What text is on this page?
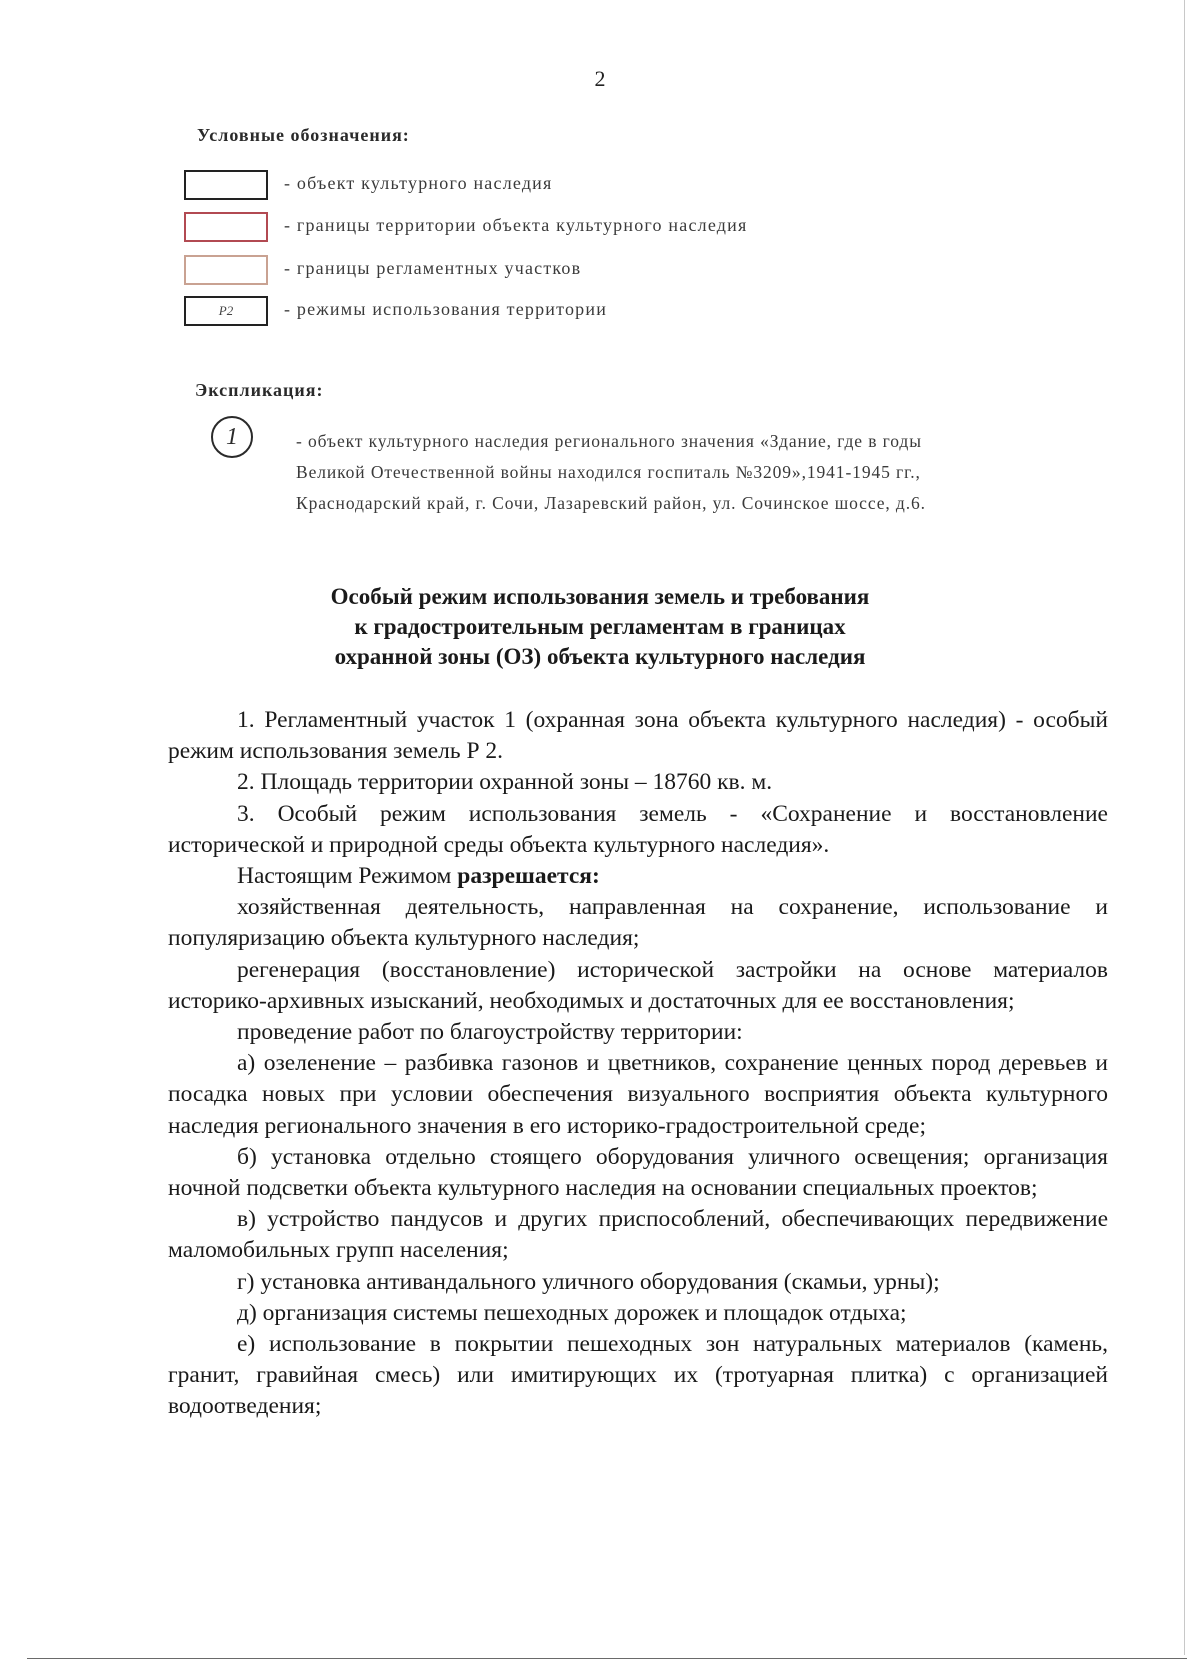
2
Условные обозначения:
- объект культурного наследия
- границы территории объекта культурного наследия
- границы регламентных участков
Р2	- режимы использования территории
Экспликация:
1	- объект культурного наследия регионального значения «Здание, где в годы
Великой Отечественной войны находился госпиталь №3209»,1941-1945 гг.,
Краснодарский край, г. Сочи, Лазаревский район, ул. Сочинское шоссе, д.6.
Особый режим использования земель и требования
к градостроительным регламентам в границах
охранной зоны (ОЗ) объекта культурного наследия

1. Регламентный участок 1 (охранная зона объекта культурного наследия) - особый режим использования земель Р 2.

2. Площадь территории охранной зоны – 18760 кв. м.

3. Особый режим использования земель - «Сохранение и восстановление исторической и природной среды объекта культурного наследия».

Настоящим Режимом разрешается:

хозяйственная деятельность, направленная на сохранение, использование и популяризацию объекта культурного наследия;

регенерация (восстановление) исторической застройки на основе материалов историко-архивных изысканий, необходимых и достаточных для ее восстановления;

проведение работ по благоустройству территории:

а) озеленение – разбивка газонов и цветников, сохранение ценных пород деревьев и посадка новых при условии обеспечения визуального восприятия объекта культурного наследия регионального значения в его историко-градостроительной среде;

б) установка отдельно стоящего оборудования уличного освещения; организация ночной подсветки объекта культурного наследия на основании специальных проектов;

в) устройство пандусов и других приспособлений, обеспечивающих передвижение маломобильных групп населения;

г) установка антивандального уличного оборудования (скамьи, урны);

д) организация системы пешеходных дорожек и площадок отдыха;

е) использование в покрытии пешеходных зон натуральных материалов (камень, гранит, гравийная смесь) или имитирующих их (тротуарная плитка) с организацией водоотведения;
